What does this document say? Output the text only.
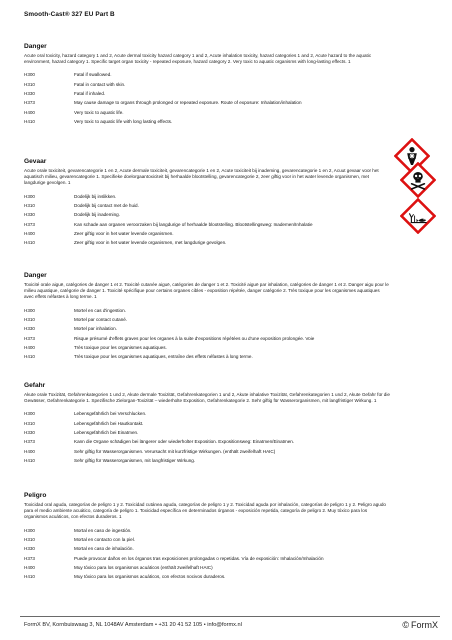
Smooth-Cast® 327 EU Part B
Danger
Acute oral toxicity, hazard category 1 and 2, Acute dermal toxicity hazard category 1 and 2, Acute inhalation toxicity, hazard categories 1 and 2, Acute hazard to the aquatic environment, hazard category 1. Specific target organ toxicity - repeated exposure, hazard category 2. Very toxic to aquatic organisms with long-lasting effects. 1
H300	Fatal if swallowed.
H310	Fatal in contact with skin.
H330	Fatal if inhaled.
H373	May cause damage to organs through prolonged or repeated exposure. Route of exposure: Inhalation/inhalation
H400	Very toxic to aquatic life.
H410	Very toxic to aquatic life with long lasting effects.
Gevaar
Acute orale toxiciteit, gevarencategorie 1 en 2, Acute dermale toxiciteit, gevarencategorie 1 en 2, Acute toxiciteit bij inademing, gevarencategorie 1 en 2, Acuut gevaar voor het aquatisch milieu, gevarencategorie 1. Specifieke doelorgaantoxiciteit bij herhaalde blootstelling, gevarencategorie 2, zeer giftig voor in het water levende organismen, met langdurige gevolgen. 1
H300	Dodelijk bij inslikken.
H310	Dodelijk bij contact met de huid.
H330	Dodelijk bij inademing.
H373	Kan schade aan organen veroorzaken bij langdurige of herhaalde blootstelling. Blootstellingsweg: Inademen/Inhalatie
H400	Zeer giftig voor in het water levende organismen.
H410	Zeer giftig voor in het water levende organismen, met langdurige gevolgen.
Danger
Toxicité orale aiguë, catégories de danger 1 et 2. Toxicité cutanée aiguë, catégories de danger 1 et 2. Toxicité aiguë par inhalation, catégories de danger 1 et 2. Danger aigu pour le milieu aquatique, catégorie de danger 1. Toxicité spécifique pour certains organes cibles - exposition répétée, danger catégorie 2. Très toxique pour les organismes aquatiques avec effets néfastes à long terme. 1
H300	Mortel en cas d'ingestion.
H310	Mortel par contact cutané.
H330	Mortel par inhalation.
H373	Risque présumé d'effets graves pour les organes à la suite d'expositions répétées ou d'une exposition prolongée. Voie
H400	Très toxique pour les organismes aquatiques.
H410	Très toxique pour les organismes aquatiques, entraîne des effets néfastes à long terme.
Gefahr
Akute orale Toxizität, Gefahrenkategorien 1 und 2, Akute dermale Toxizität, Gefahrenkategorien 1 und 2, Akute inhalative Toxizität, Gefahrenkategorien 1 und 2, Akute Gefahr für die Gewässer, Gefahrenkategorie 1. Spezifische Zielorgan-Toxizität – wiederholte Exposition, Gefahrenkategorie 2. Sehr giftig für Wasserorganismen, mit langfristiger Wirkung. 1
H300	Lebensgefährlich bei Verschlucken.
H310	Lebensgefährlich bei Hautkontakt.
H330	Lebensgefährlich bei Einatmen.
H373	Kann die Organe schädigen bei längerer oder wiederholter Exposition. Expositionsweg: Einatmen/Einatmen.
H400	Sehr giftig für Wasserorganismen. Verursacht mit kurzfristige Wirkungen. (enthält zweifelhaft HAIC)
H410	Sehr giftig für Wasserorganismen, mit langfristiger Wirkung.
Peligro
Toxicidad oral aguda, categorías de peligro 1 y 2. Toxicidad cutánea aguda, categorías de peligro 1 y 2. Toxicidad aguda por inhalación, categorías de peligro 1 y 2. Peligro agudo para el medio ambiente acuático, categoría de peligro 1. Toxicidad específica en determinados órganos - exposición repetida, categoría de peligro 2. Muy tóxico para los organismos acuáticos, con efectos duraderos. 1
H300	Mortal en caso de ingestión.
H310	Mortal en contacto con la piel.
H330	Mortal en caso de inhalación.
H373	Puede provocar daños en los órganos tras exposiciones prolongadas o repetidas. Vía de exposición: Inhalación/Inhalación
H400	Muy tóxico para los organismos acuáticos (enthält zweifelhaft HAIC)
H410	Muy tóxico para los organismos acuáticos, con efectos nocivos duraderos.
FormX BV, Kornbuiswaag 3, NL 1048AV Amsterdam • +31 20 41 52 105 • info@formx.nl	© FormX
